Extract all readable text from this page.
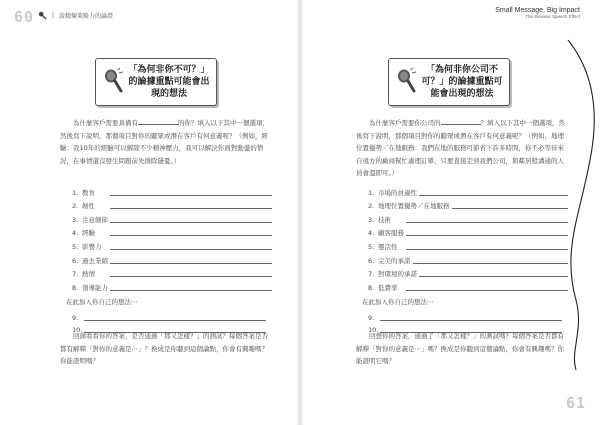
60	| 說精煉策略力的論證
「為何非你不可？」的論據重點可能會出現的想法
為什麼客戶需要具備有	的你？填入以下其中一個選項，然後寫下說明，那個項目對你的聽眾或潛在客戶有何意義呢？（例如，經驗：我10年的經驗可以解除不少精神壓力，我可以解決你面對動盪的情況，在事情還沒發生問題前先排除隱憂。）
1. 教育
2. 韌性
3. 注意細節
4. 經驗
5. 影響力
6. 過去業績
7. 熱情
8. 領導能力
在此加入你自己的想法⋯
9.
10.
回頭看看你的答案，是否通過「那又怎樣？」的測試？每個答案是否都有解釋「對你的意義是⋯」？換成是你聽到這個論點，你會有興趣嗎？你能證明嗎？
Small Message, Big Impact
The Elevator Speech Effect
61
「為何非你公司不可？」的論據重點可能會出現的想法
為什麼客戶需要你公司的	？填入以下其中一個選項，然後寫下說明，那個項目對你的聽眾或潛在客戶有何意義呢？（例如，地理位置優勢／在地服務：我們在地的服務可節省下許多時間，你不必等待來自遠方的廠商幫忙處理訂單，只要直接走到我們公司，與鄰居般溝通的人員會溫即可。）
1. 市場的員適性
2. 地理位置優勢／在地服務
3. 技術
4. 顧客服務
5. 靈活性
6. 完美的承諾
7. 對環境的承諾
8. 低費率
在此加入你自己的想法⋯
9.
10.
回想你的答案，通過了「那又怎樣？」的測試嗎？每個答案是否都有解釋「對你的意義是⋯」嗎？換成是你聽到這個論點，你會有興趣嗎？你能證明它嗎？
